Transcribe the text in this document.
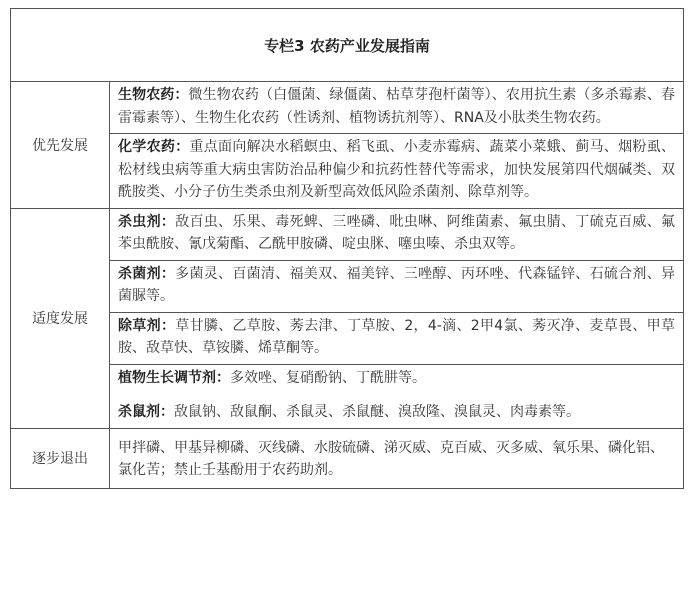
专栏3 农药产业发展指南	
优先发展	生物农药：微生物农药（白僵菌、绿僵菌、枯草芽孢杆菌等）、农用抗生素（多杀霉素、春雷霉素等）、生物生化农药（性诱剂、植物诱抗剂等）、RNA及小肽类生物农药。
	化学农药：重点面向解决水稻螟虫、稻飞虱、小麦赤霉病、蔬菜小菜蛾、蓟马、烟粉虱、松材线虫病等重大病虫害防治品种偏少和抗药性替代等需求，加快发展第四代烟碱类、双酰胺类、小分子仿生类杀虫剂及新型高效低风险杀菌剂、除草剂等。
适度发展	杀虫剂：敌百虫、乐果、毒死蜱、三唑磷、吡虫啉、阿维菌素、氟虫腈、丁硫克百威、氟苯虫酰胺、氰戊菊酯、乙酰甲胺磷、啶虫脒、噻虫嗪、杀虫双等。
	杀菌剂：多菌灵、百菌清、福美双、福美锌、三唑醇、丙环唑、代森锰锌、石硫合剂、异菌脲等。
	除草剂：草甘膦、乙草胺、莠去津、丁草胺、2，4-滴、2甲4氯、莠灭净、麦草畏、甲草胺、敌草快、草铵膦、烯草酮等。

	植物生长调节剂：多效唑、复硝酚钠、丁酰肼等。
杀鼠剂：敌鼠钠、敌鼠酮、杀鼠灵、杀鼠醚、溴敌隆、溴鼠灵、肉毒素等。

逐步退出	甲拌磷、甲基异柳磷、灭线磷、水胺硫磷、涕灭威、克百威、灭多威、氧乐果、磷化铝、氯化苦；禁止壬基酚用于农药助剂。
